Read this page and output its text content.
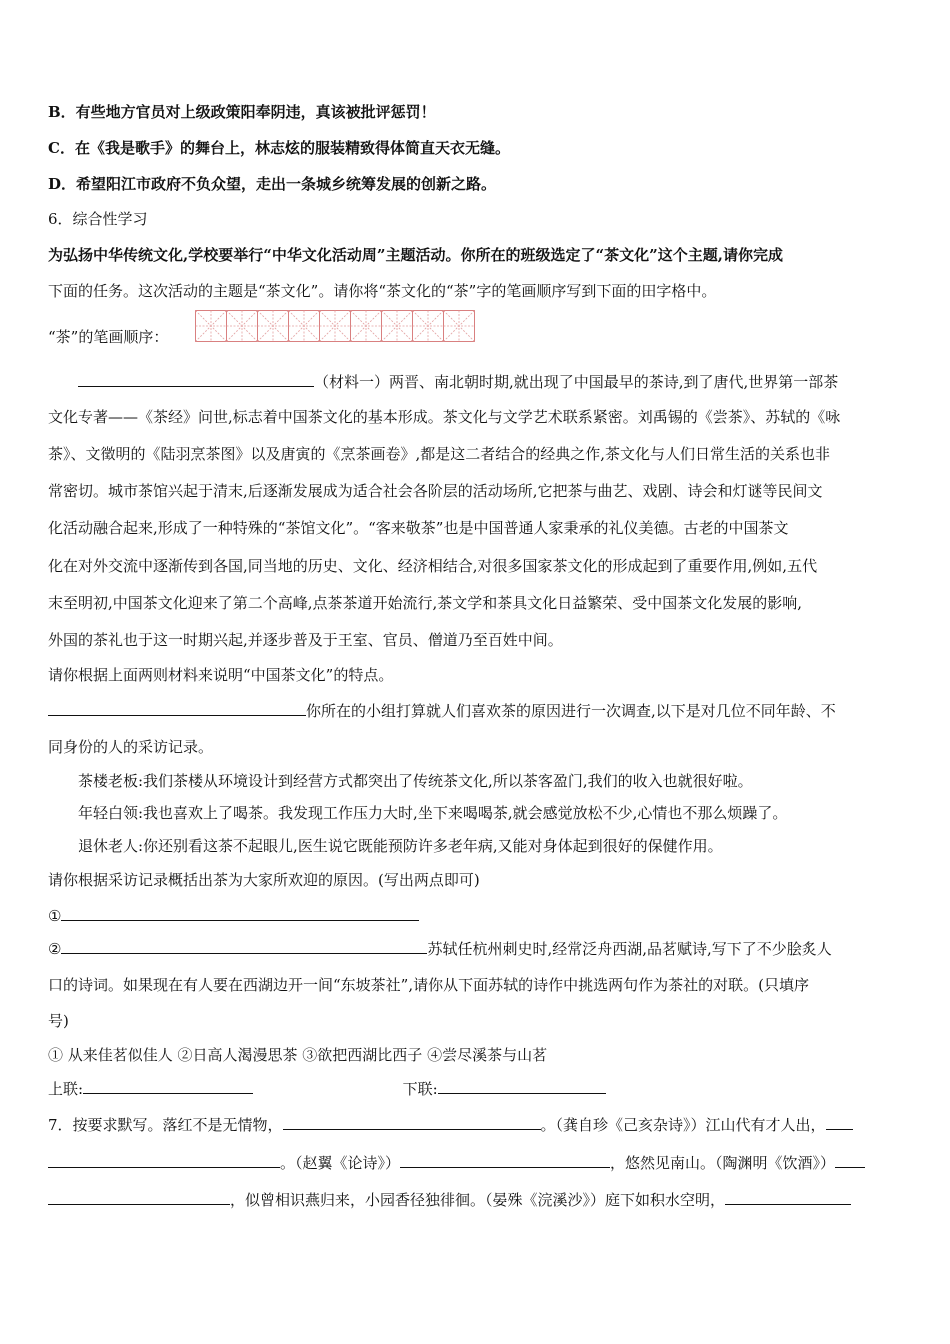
B．有些地方官员对上级政策阳奉阴违，真该被批评惩罚！
C．在《我是歌手》的舞台上，林志炫的服装精致得体简直天衣无缝。
D．希望阳江市政府不负众望，走出一条城乡统筹发展的创新之路。
6．综合性学习
为弘扬中华传统文化,学校要举行“中华文化活动周”主题活动。你所在的班级选定了“茶文化”这个主题,请你完成
下面的任务。这次活动的主题是“茶文化”。请你将“茶文化的“茶”字的笔画顺序写到下面的田字格中。
“茶”的笔画顺序：
（材料一）两晋、南北朝时期,就出现了中国最早的茶诗,到了唐代,世界第一部茶
文化专著——《茶经》问世,标志着中国茶文化的基本形成。茶文化与文学艺术联系紧密。刘禹锡的《尝茶》、苏轼的《咏
茶》、文徵明的《陆羽烹茶图》以及唐寅的《烹茶画卷》,都是这二者结合的经典之作,茶文化与人们日常生活的关系也非
常密切。城市茶馆兴起于清末,后逐渐发展成为适合社会各阶层的活动场所,它把茶与曲艺、戏剧、诗会和灯谜等民间文
化活动融合起来,形成了一种特殊的“茶馆文化”。“客来敬茶”也是中国普通人家秉承的礼仪美德。古老的中国茶文
化在对外交流中逐渐传到各国,同当地的历史、文化、经济相结合,对很多国家茶文化的形成起到了重要作用,例如,五代
末至明初,中国茶文化迎来了第二个高峰,点茶茶道开始流行,茶文学和茶具文化日益繁荣、受中国茶文化发展的影响,
外国的茶礼也于这一时期兴起,并逐步普及于王室、官员、僧道乃至百姓中间。
请你根据上面两则材料来说明“中国茶文化”的特点。
你所在的小组打算就人们喜欢茶的原因进行一次调查,以下是对几位不同年龄、不
同身份的人的采访记录。
茶楼老板:我们茶楼从环境设计到经营方式都突出了传统茶文化,所以茶客盈门,我们的收入也就很好啦。
年轻白领:我也喜欢上了喝茶。我发现工作压力大时,坐下来喝喝茶,就会感觉放松不少,心情也不那么烦躁了。
退休老人:你还别看这茶不起眼儿,医生说它既能预防许多老年病,又能对身体起到很好的保健作用。
请你根据采访记录概括出茶为大家所欢迎的原因。(写出两点即可)
①
②	苏轼任杭州刺史时,经常泛舟西湖,品茗赋诗,写下了不少脍炙人
口的诗词。如果现在有人要在西湖边开一间“东坡茶社”,请你从下面苏轼的诗作中挑选两句作为茶社的对联。(只填序
号)
① 从来佳茗似佳人 ②日高人渴漫思茶 ③欲把西湖比西子 ④尝尽溪茶与山茗
上联:	下联:
7．按要求默写。落红不是无情物，	。（龚自珍《己亥杂诗》）江山代有才人出，
。（赵翼《论诗》）	，悠然见南山。（陶渊明《饮酒》）
，似曾相识燕归来，小园香径独徘徊。（晏殊《浣溪沙》）庭下如积水空明，
